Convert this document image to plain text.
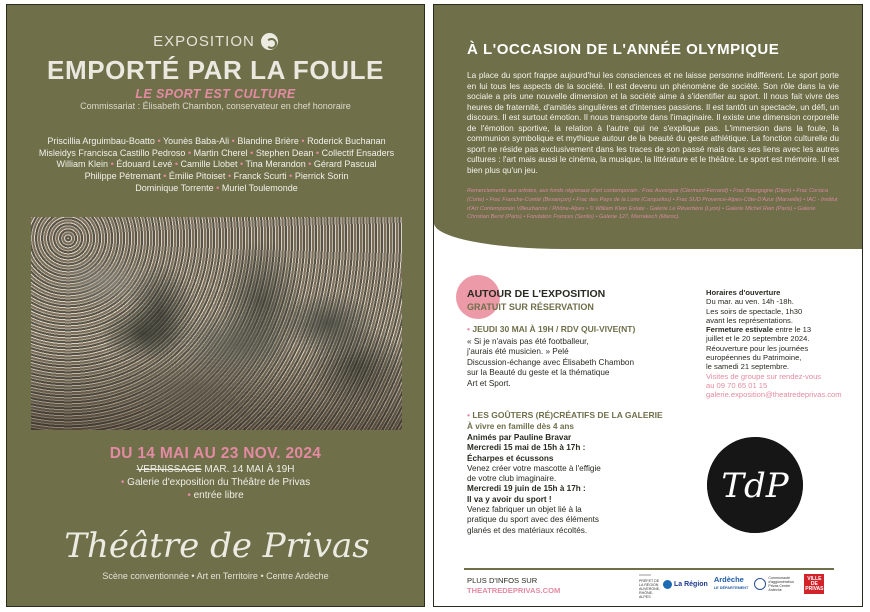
EXPOSITION
EMPORTÉ PAR LA FOULE
LE SPORT EST CULTURE
Commissariat : Élisabeth Chambon, conservateur en chef honoraire
Priscillia Arguimbau-Boatto • Younès Baba-Ali • Blandine Brière • Roderick Buchanan
Misleidys Francisca Castillo Pedroso • Martin Cherel • Stephen Dean • Collectif Ensaders
William Klein • Édouard Levé • Camille Llobet • Tina Merandon • Gérard Pascual
Philippe Pétremant • Émilie Pitoiset • Franck Scurti • Pierrick Sorin
Dominique Torrente • Muriel Toulemonde
DU 14 MAI AU 23 NOV. 2024
VERNISSAGE MAR. 14 MAI À 19H
• Galerie d'exposition du Théâtre de Privas
• entrée libre
Théâtre de Privas
Scène conventionnée • Art en Territoire • Centre Ardèche
À L'OCCASION DE L'ANNÉE OLYMPIQUE
La place du sport frappe aujourd'hui les consciences et ne laisse personne indifférent. Le sport porte en lui tous les aspects de la société. Il est devenu un phénomène de société. Son rôle dans la vie sociale a pris une nouvelle dimension et la société aime à s'identifier au sport. Il nous fait vivre des heures de fraternité, d'amitiés singulières et d'intenses passions. Il est tantôt un spectacle, un défi, un discours. Il est surtout émotion. Il nous transporte dans l'imaginaire. Il existe une dimension corporelle de l'émotion sportive, la relation à l'autre qui ne s'explique pas. L'immersion dans la foule, la communion symbolique et mythique autour de la beauté du geste athlétique. La fonction culturelle du sport ne réside pas exclusivement dans les traces de son passé mais dans ses liens avec les autres cultures : l'art mais aussi le cinéma, la musique, la littérature et le théâtre. Le sport est mémoire. Il est bien plus qu'un jeu.
Remerciements aux artistes, aux fonds régionaux d'art contemporain : Frac Auvergne (Clermont-Ferrand) • Frac Bourgogne (Dijon) • Frac Corsica (Corte) • Frac Franche-Comté (Besançon) • Frac des Pays de la Loire (Carquefou) • Frac SUD Provence-Alpes-Côte-D'Azur (Marseille) • IAC - Institut d'Art Contemporain Villeurbanne / Rhône-Alpes • © William Klein Estate - Galerie Le Réverbère (Lyon) • Galerie Michel Rein (Paris) • Galerie Christian Berst (Paris) • Fondation Frances (Senlis) • Galerie 127, Marrakech (Maroc).
AUTOUR DE L'EXPOSITION
GRATUIT SUR RÉSERVATION
• JEUDI 30 MAI À 19H / RDV QUI-VIVE(NT)
« Si je n'avais pas été footballeur,
j'aurais été musicien. » Pelé
Discussion-échange avec Élisabeth Chambon
sur la Beauté du geste et la thématique
Art et Sport.
• LES GOÛTERS (RÉ)CRÉATIFS DE LA GALERIE
À vivre en famille dès 4 ans
Animés par Pauline Bravar
Mercredi 15 mai de 15h à 17h :
Écharpes et écussons
Venez créer votre mascotte à l'effigie
de votre club imaginaire.
Mercredi 19 juin de 15h à 17h :
Il va y avoir du sport !
Venez fabriquer un objet lié à la
pratique du sport avec des éléments
glanés et des matériaux récoltés.
Horaires d'ouverture
Du mar. au ven. 14h -18h.
Les soirs de spectacle, 1h30
avant les représentations.
Fermeture estivale entre le 13
juillet et le 20 septembre 2024.
Réouverture pour les journées
européennes du Patrimoine,
le samedi 21 septembre.
Visites de groupe sur rendez-vous
au 09 70 65 01 15
galerie.exposition@theatredeprivas.com
TdP
PLUS D'INFOS SUR
THEATREDEPRIVAS.COM
PRÉFET DE LA RÉGION AUVERGNE-RHÔNE-ALPES
La Région Ardèche
LE DÉPARTEMENT
Communauté d'agglomération Privas Centre Ardèche
VILLE DE PRIVAS
